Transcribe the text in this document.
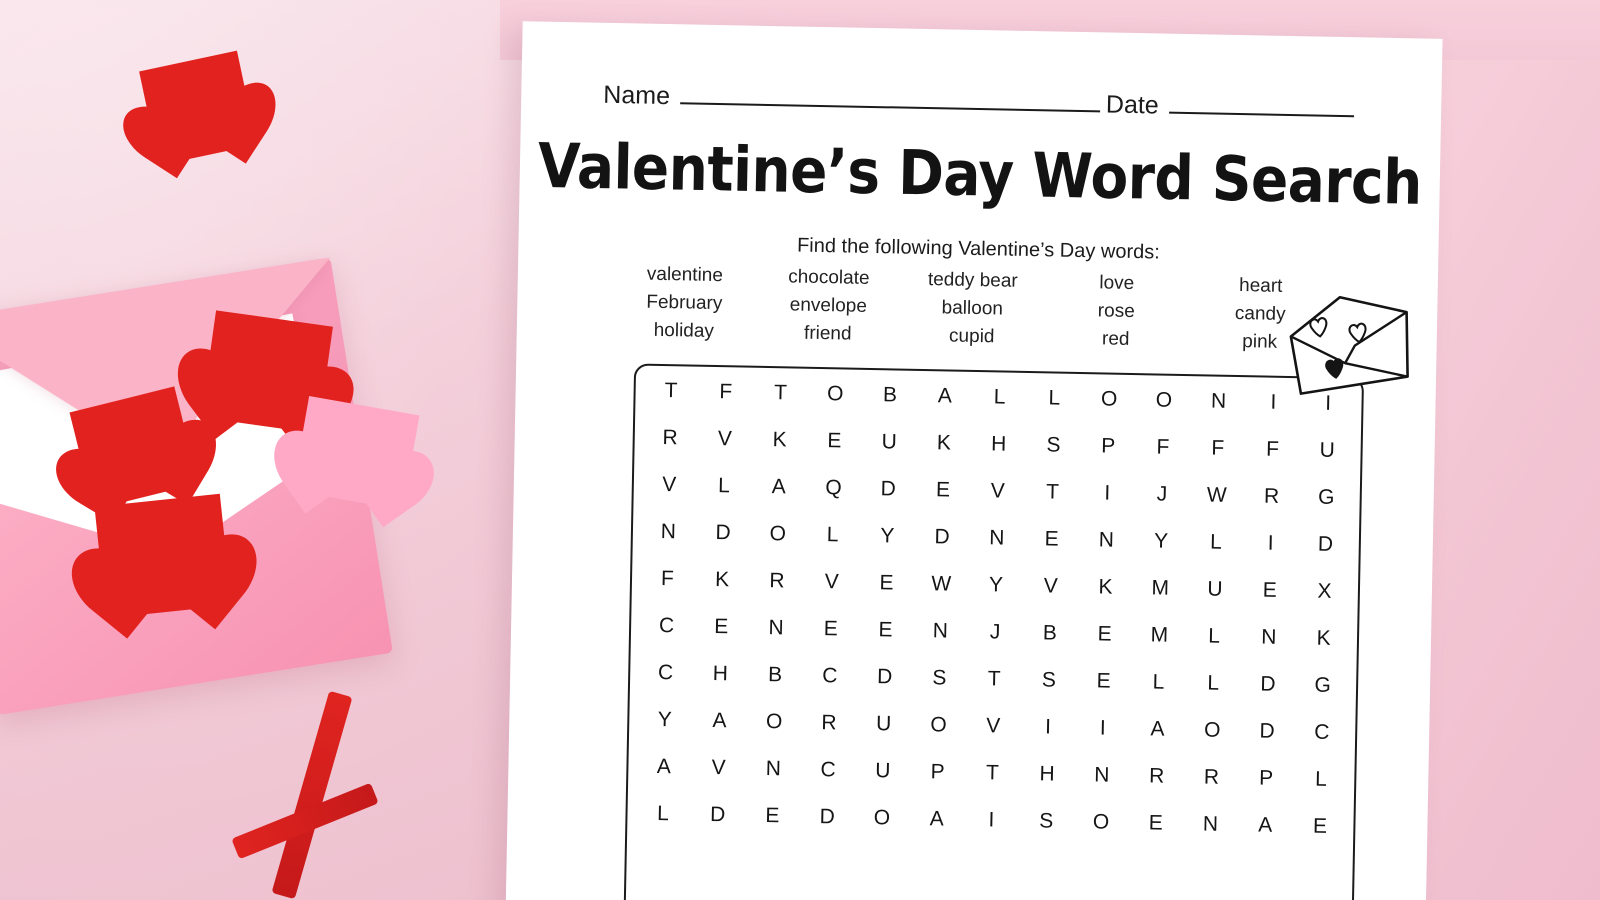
Name	Date
Valentine’s Day Word Search
Find the following Valentine’s Day words:
valentine	chocolate	teddy bear	love	heart
February	envelope	balloon	rose	candy
holiday	friend	cupid	red	pink
T	F	T	O	B	A	L	L	O	O	N	I	I
R	V	K	E	U	K	H	S	P	F	F	F	U
V	L	A	Q	D	E	V	T	I	J	W	R	G
N	D	O	L	Y	D	N	E	N	Y	L	I	D
F	K	R	V	E	W	Y	V	K	M	U	E	X
C	E	N	E	E	N	J	B	E	M	L	N	K
C	H	B	C	D	S	T	S	E	L	L	D	G
Y	A	O	R	U	O	V	I	I	A	O	D	C
A	V	N	C	U	P	T	H	N	R	R	P	L
L	D	E	D	O	A	I	S	O	E	N	A	E
